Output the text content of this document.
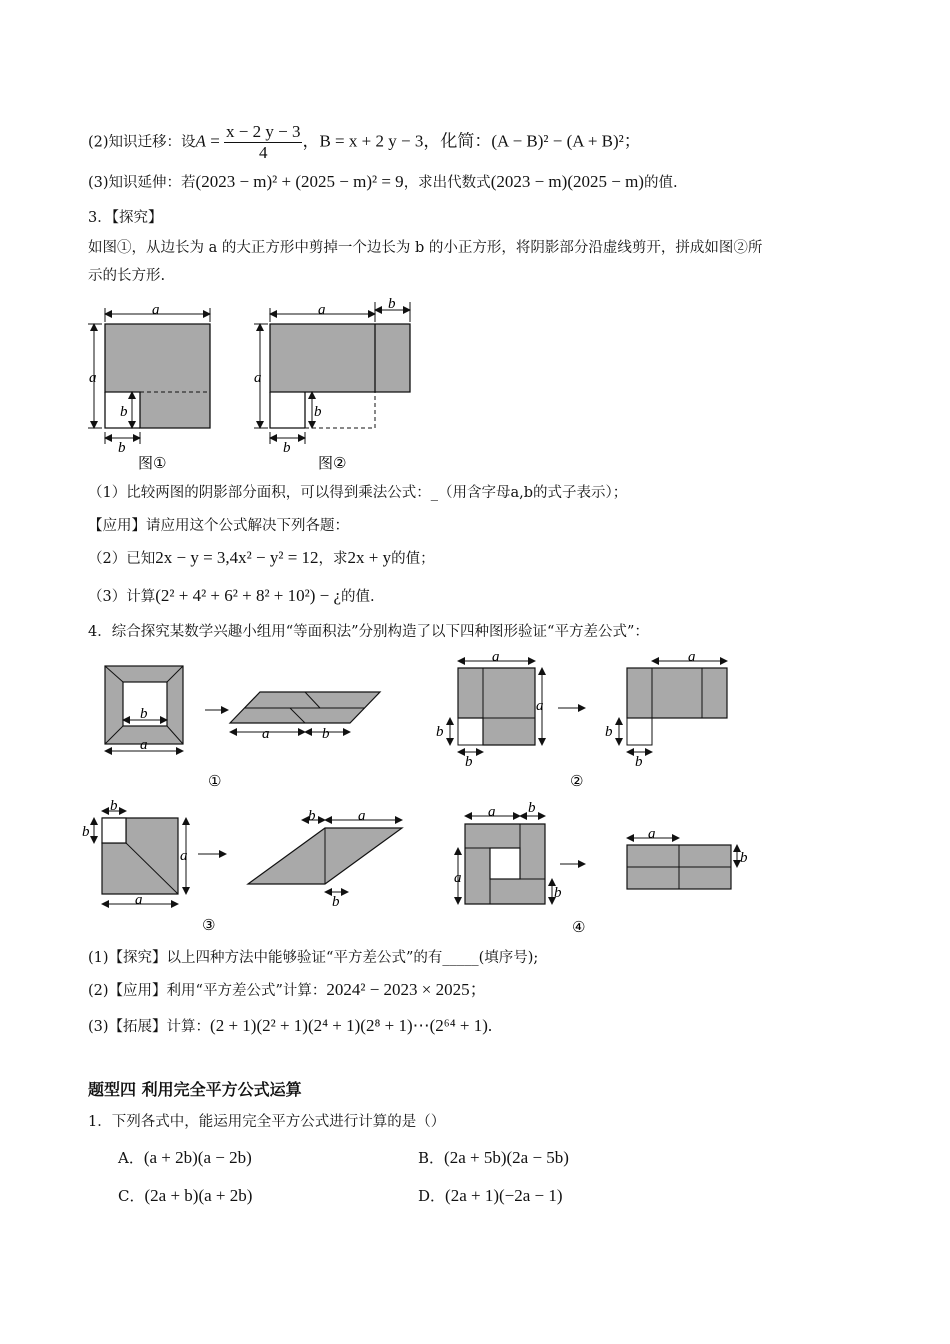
(2)知识迁移：设$A = \frac{x - 2 y - 3}{4}$ ，B = x + 2 y − 3，化简：(A − B)² − (A + B)²；
(3)知识延伸：若(2023 − m)² + (2025 − m)² = 9，求出代数式(2023 − m)(2025 − m)的值.
3．【探究】
如图①，从边长为 a 的大正方形中剪掉一个边长为 b 的小正方形，将阴影部分沿虚线剪开，拼成如图②所
示的长方形.
a
a
b
b
图①
a	b
a
b
b
图②
（1）比较两图的阴影部分面积，可以得到乘法公式：_（用含字母a,b的式子表示）；
【应用】请应用这个公式解决下列各题：
（2）已知2x − y = 3,4x² − y² = 12，求2x + y的值；
（3）计算(2² + 4² + 6² + 8² + 10²) − ¿的值.
4．综合探究某数学兴趣小组用“等面积法”分别构造了以下四种图形验证“平方差公式”：
b
a
a	b
①
a
a
b
b
a
b
b
②
b
b
a
a
b	a
b
③
a b
a
b
a
b
④
(1)【探究】以上四种方法中能够验证“平方差公式”的有_____(填序号);
(2)【应用】利用“平方差公式”计算：2024² − 2023 × 2025；
(3)【拓展】计算：(2 + 1)(2² + 1)(2⁴ + 1)(2⁸ + 1)⋯(2⁶⁴ + 1).
题型四 利用完全平方公式运算
1．下列各式中，能运用完全平方公式进行计算的是（）
A．(a + 2b)(a − 2b)	B．(2a + 5b)(2a − 5b)
C．(2a + b)(a + 2b)	D．(2a + 1)(−2a − 1)
